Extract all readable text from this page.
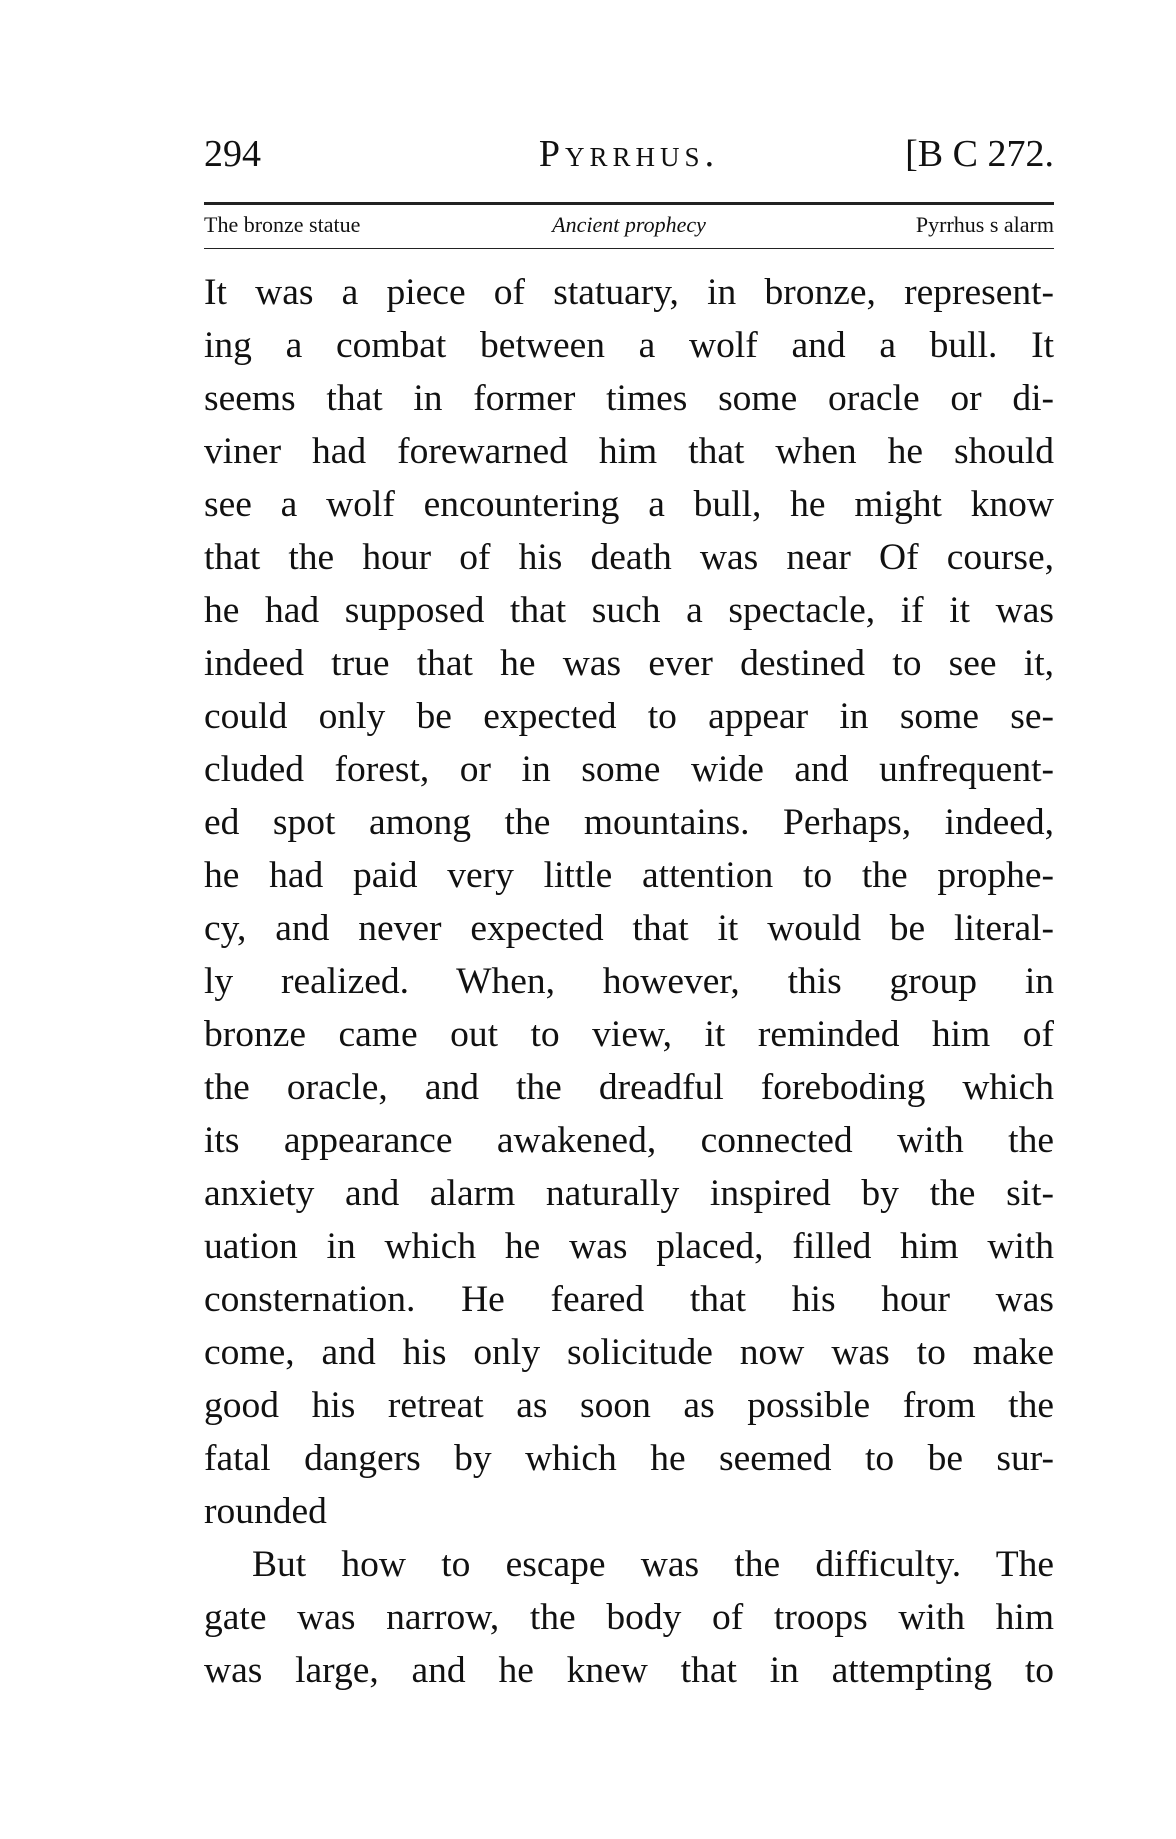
294	Pyrrhus.	[B C 272.
The bronze statue	Ancient prophecy	Pyrrhus s alarm
It was a piece of statuary, in bronze, represent-
ing a combat between a wolf and a bull. It
seems that in former times some oracle or di-
viner had forewarned him that when he should
see a wolf encountering a bull, he might know
that the hour of his death was near Of course,
he had supposed that such a spectacle, if it was
indeed true that he was ever destined to see it,
could only be expected to appear in some se-
cluded forest, or in some wide and unfrequent-
ed spot among the mountains. Perhaps, indeed,
he had paid very little attention to the prophe-
cy, and never expected that it would be literal-
ly realized. When, however, this group in
bronze came out to view, it reminded him of
the oracle, and the dreadful foreboding which
its appearance awakened, connected with the
anxiety and alarm naturally inspired by the sit-
uation in which he was placed, filled him with
consternation. He feared that his hour was
come, and his only solicitude now was to make
good his retreat as soon as possible from the
fatal dangers by which he seemed to be sur-
rounded
But how to escape was the difficulty. The
gate was narrow, the body of troops with him
was large, and he knew that in attempting to
